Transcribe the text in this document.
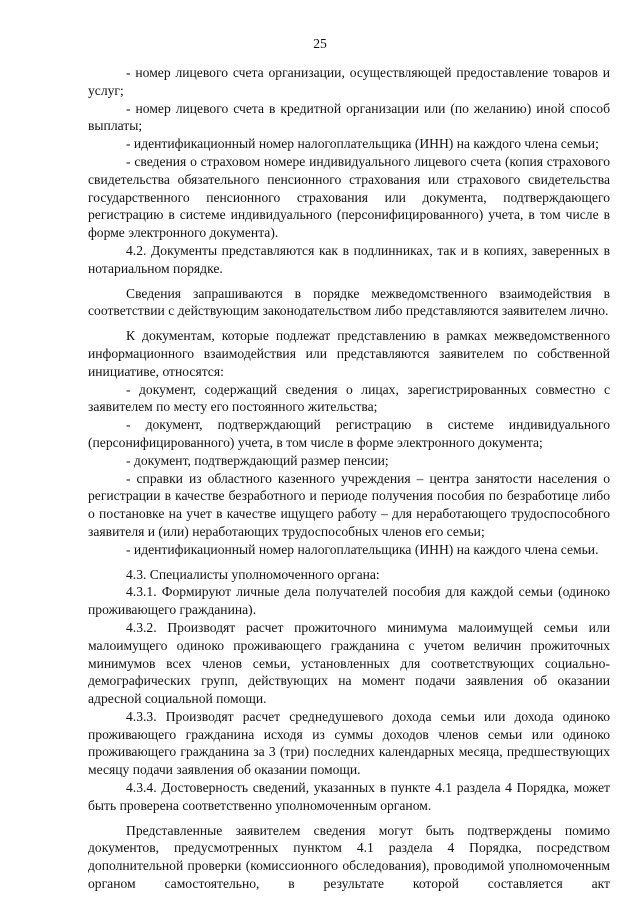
25

- номер лицевого счета организации, осуществляющей предоставление товаров и услуг;

- номер лицевого счета в кредитной организации или (по желанию) иной способ выплаты;

- идентификационный номер налогоплательщика (ИНН) на каждого члена семьи;

- сведения о страховом номере индивидуального лицевого счета (копия страхового свидетельства обязательного пенсионного страхования или страхового свидетельства государственного пенсионного страхования или документа, подтверждающего регистрацию в системе индивидуального (персонифицированного) учета, в том числе в форме электронного документа).

4.2. Документы представляются как в подлинниках, так и в копиях, заверенных в нотариальном порядке.

Сведения запрашиваются в порядке межведомственного взаимодействия в соответствии с действующим законодательством либо представляются заявителем лично.

К документам, которые подлежат представлению в рамках межведомственного информационного взаимодействия или представляются заявителем по собственной инициативе, относятся:

- документ, содержащий сведения о лицах, зарегистрированных совместно с заявителем по месту его постоянного жительства;

- документ, подтверждающий регистрацию в системе индивидуального (персонифицированного) учета, в том числе в форме электронного документа;

- документ, подтверждающий размер пенсии;

- справки из областного казенного учреждения – центра занятости населения о регистрации в качестве безработного и периоде получения пособия по безработице либо о постановке на учет в качестве ищущего работу – для неработающего трудоспособного заявителя и (или) неработающих трудоспособных членов его семьи;

- идентификационный номер налогоплательщика (ИНН) на каждого члена семьи.

4.3. Специалисты уполномоченного органа:

4.3.1. Формируют личные дела получателей пособия для каждой семьи (одиноко проживающего гражданина).

4.3.2. Производят расчет прожиточного минимума малоимущей семьи или малоимущего одиноко проживающего гражданина с учетом величин прожиточных минимумов всех членов семьи, установленных для соответствующих социально-демографических групп, действующих на момент подачи заявления об оказании адресной социальной помощи.

4.3.3. Производят расчет среднедушевого дохода семьи или дохода одиноко проживающего гражданина исходя из суммы доходов членов семьи или одиноко проживающего гражданина за 3 (три) последних календарных месяца, предшествующих месяцу подачи заявления об оказании помощи.

4.3.4. Достоверность сведений, указанных в пункте 4.1 раздела 4 Порядка, может быть проверена соответственно уполномоченным органом.

Представленные заявителем сведения могут быть подтверждены помимо документов, предусмотренных пунктом 4.1 раздела 4 Порядка, посредством дополнительной проверки (комиссионного обследования), проводимой уполномоченным органом самостоятельно, в результате которой составляется акт
